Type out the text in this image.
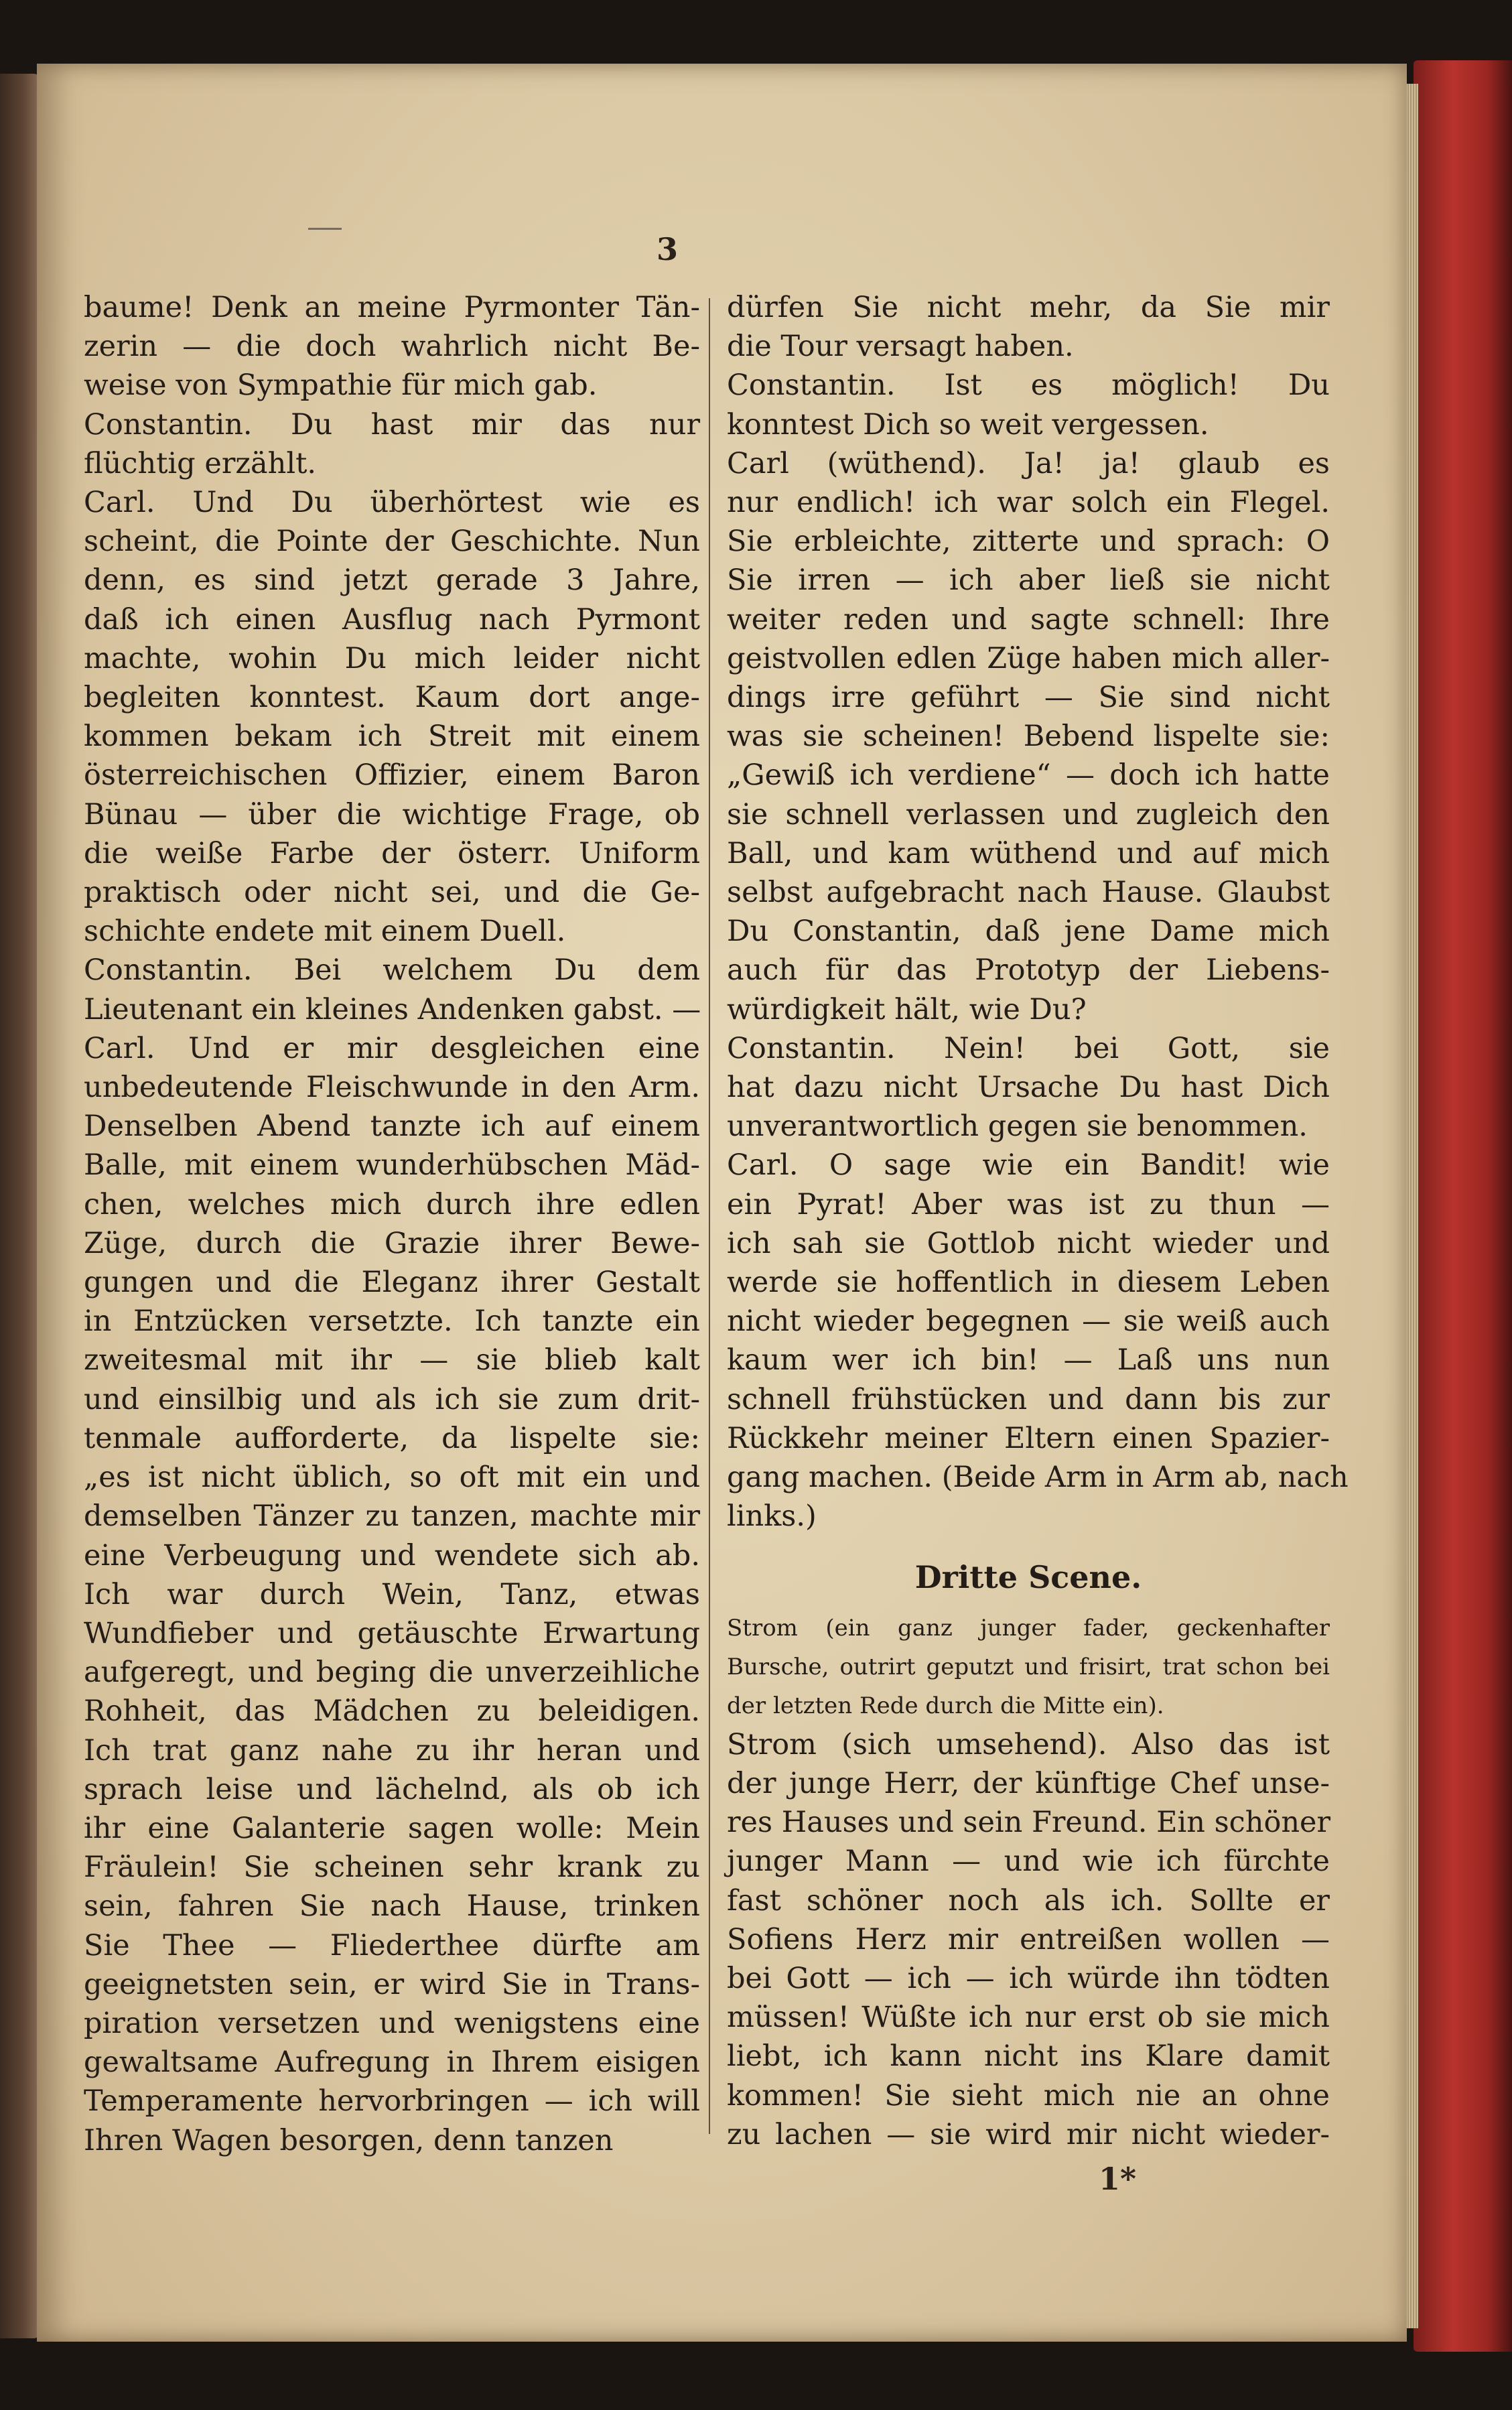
3
baume! Denk an meine Pyrmonter Tän-
zerin — die doch wahrlich nicht Be-
weise von Sympathie für mich gab.
Constantin. Du hast mir das nur
flüchtig erzählt.
Carl. Und Du überhörtest wie es
scheint, die Pointe der Geschichte. Nun
denn, es sind jetzt gerade 3 Jahre,
daß ich einen Ausflug nach Pyrmont
machte, wohin Du mich leider nicht
begleiten konntest. Kaum dort ange-
kommen bekam ich Streit mit einem
österreichischen Offizier, einem Baron
Bünau — über die wichtige Frage, ob
die weiße Farbe der österr. Uniform
praktisch oder nicht sei, und die Ge-
schichte endete mit einem Duell.
Constantin. Bei welchem Du dem
Lieutenant ein kleines Andenken gabst. —
Carl. Und er mir desgleichen eine
unbedeutende Fleischwunde in den Arm.
Denselben Abend tanzte ich auf einem
Balle, mit einem wunderhübschen Mäd-
chen, welches mich durch ihre edlen
Züge, durch die Grazie ihrer Bewe-
gungen und die Eleganz ihrer Gestalt
in Entzücken versetzte. Ich tanzte ein
zweitesmal mit ihr — sie blieb kalt
und einsilbig und als ich sie zum drit-
tenmale aufforderte, da lispelte sie:
„es ist nicht üblich, so oft mit ein und
demselben Tänzer zu tanzen, machte mir
eine Verbeugung und wendete sich ab.
Ich war durch Wein, Tanz, etwas
Wundfieber und getäuschte Erwartung
aufgeregt, und beging die unverzeihliche
Rohheit, das Mädchen zu beleidigen.
Ich trat ganz nahe zu ihr heran und
sprach leise und lächelnd, als ob ich
ihr eine Galanterie sagen wolle: Mein
Fräulein! Sie scheinen sehr krank zu
sein, fahren Sie nach Hause, trinken
Sie Thee — Fliederthee dürfte am
geeignetsten sein, er wird Sie in Trans-
piration versetzen und wenigstens eine
gewaltsame Aufregung in Ihrem eisigen
Temperamente hervorbringen — ich will
Ihren Wagen besorgen, denn tanzen
dürfen Sie nicht mehr, da Sie mir
die Tour versagt haben.
Constantin. Ist es möglich! Du
konntest Dich so weit vergessen.
Carl (wüthend). Ja! ja! glaub es
nur endlich! ich war solch ein Flegel.
Sie erbleichte, zitterte und sprach: O
Sie irren — ich aber ließ sie nicht
weiter reden und sagte schnell: Ihre
geistvollen edlen Züge haben mich aller-
dings irre geführt — Sie sind nicht
was sie scheinen! Bebend lispelte sie:
„Gewiß ich verdiene“ — doch ich hatte
sie schnell verlassen und zugleich den
Ball, und kam wüthend und auf mich
selbst aufgebracht nach Hause. Glaubst
Du Constantin, daß jene Dame mich
auch für das Prototyp der Liebens-
würdigkeit hält, wie Du?
Constantin. Nein! bei Gott, sie
hat dazu nicht Ursache Du hast Dich
unverantwortlich gegen sie benommen.
Carl. O sage wie ein Bandit! wie
ein Pyrat! Aber was ist zu thun —
ich sah sie Gottlob nicht wieder und
werde sie hoffentlich in diesem Leben
nicht wieder begegnen — sie weiß auch
kaum wer ich bin! — Laß uns nun
schnell frühstücken und dann bis zur
Rückkehr meiner Eltern einen Spazier-
gang machen. (Beide Arm in Arm ab, nach
links.)
Dritte Scene.
Strom (ein ganz junger fader, geckenhafter
Bursche, outrirt geputzt und frisirt, trat schon bei
der letzten Rede durch die Mitte ein).
Strom (sich umsehend). Also das ist
der junge Herr, der künftige Chef unse-
res Hauses und sein Freund. Ein schöner
junger Mann — und wie ich fürchte
fast schöner noch als ich. Sollte er
Sofiens Herz mir entreißen wollen —
bei Gott — ich — ich würde ihn tödten
müssen! Wüßte ich nur erst ob sie mich
liebt, ich kann nicht ins Klare damit
kommen! Sie sieht mich nie an ohne
zu lachen — sie wird mir nicht wieder-
1*
